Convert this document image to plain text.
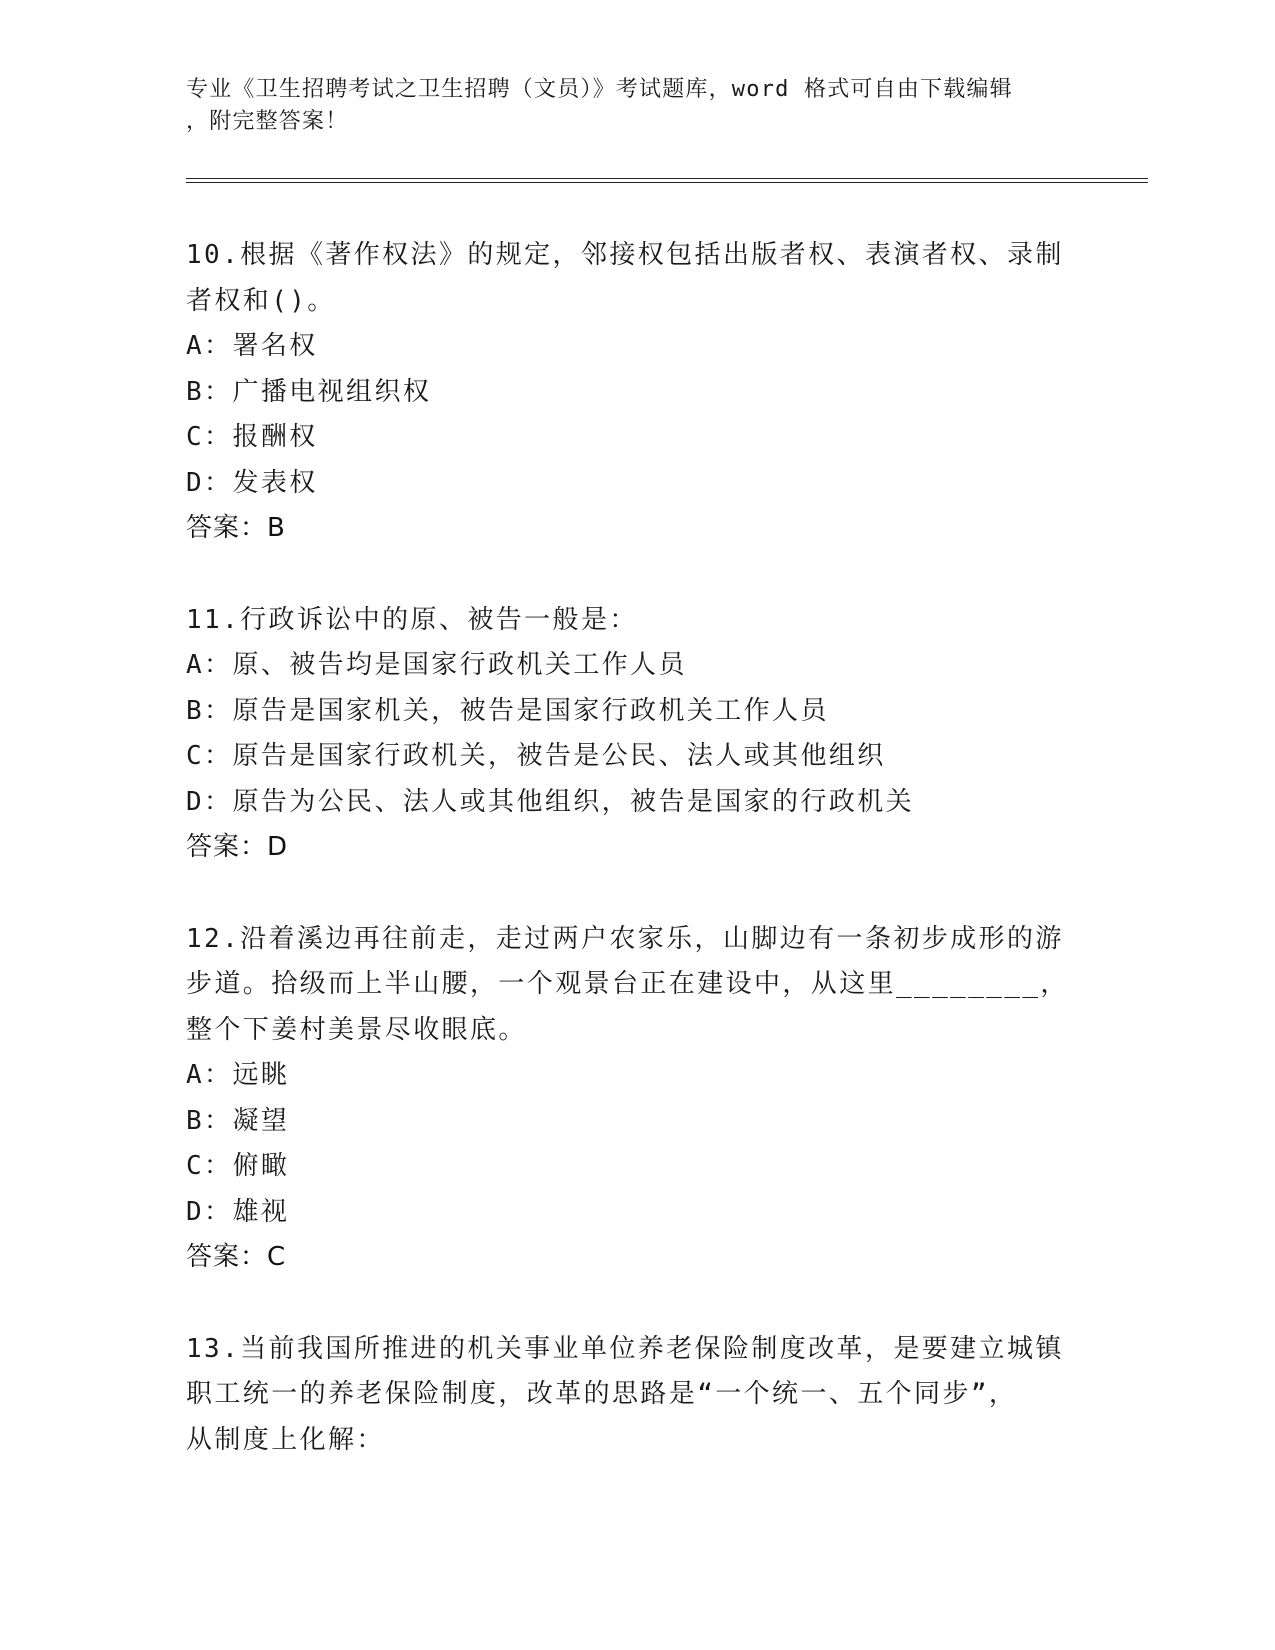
专业《卫生招聘考试之卫生招聘（文员）》考试题库，word 格式可自由下载编辑
，附完整答案！
10.根据《著作权法》的规定，邻接权包括出版者权、表演者权、录制
者权和()。
A：署名权
B：广播电视组织权
C：报酬权
D：发表权
答案：B
11.行政诉讼中的原、被告一般是：
A：原、被告均是国家行政机关工作人员
B：原告是国家机关，被告是国家行政机关工作人员
C：原告是国家行政机关，被告是公民、法人或其他组织
D：原告为公民、法人或其他组织，被告是国家的行政机关
答案：D
12.沿着溪边再往前走，走过两户农家乐，山脚边有一条初步成形的游
步道。拾级而上半山腰，一个观景台正在建设中，从这里________，
整个下姜村美景尽收眼底。
A：远眺
B：凝望
C：俯瞰
D：雄视
答案：C
13.当前我国所推进的机关事业单位养老保险制度改革，是要建立城镇
职工统一的养老保险制度，改革的思路是“一个统一、五个同步”，
从制度上化解：
